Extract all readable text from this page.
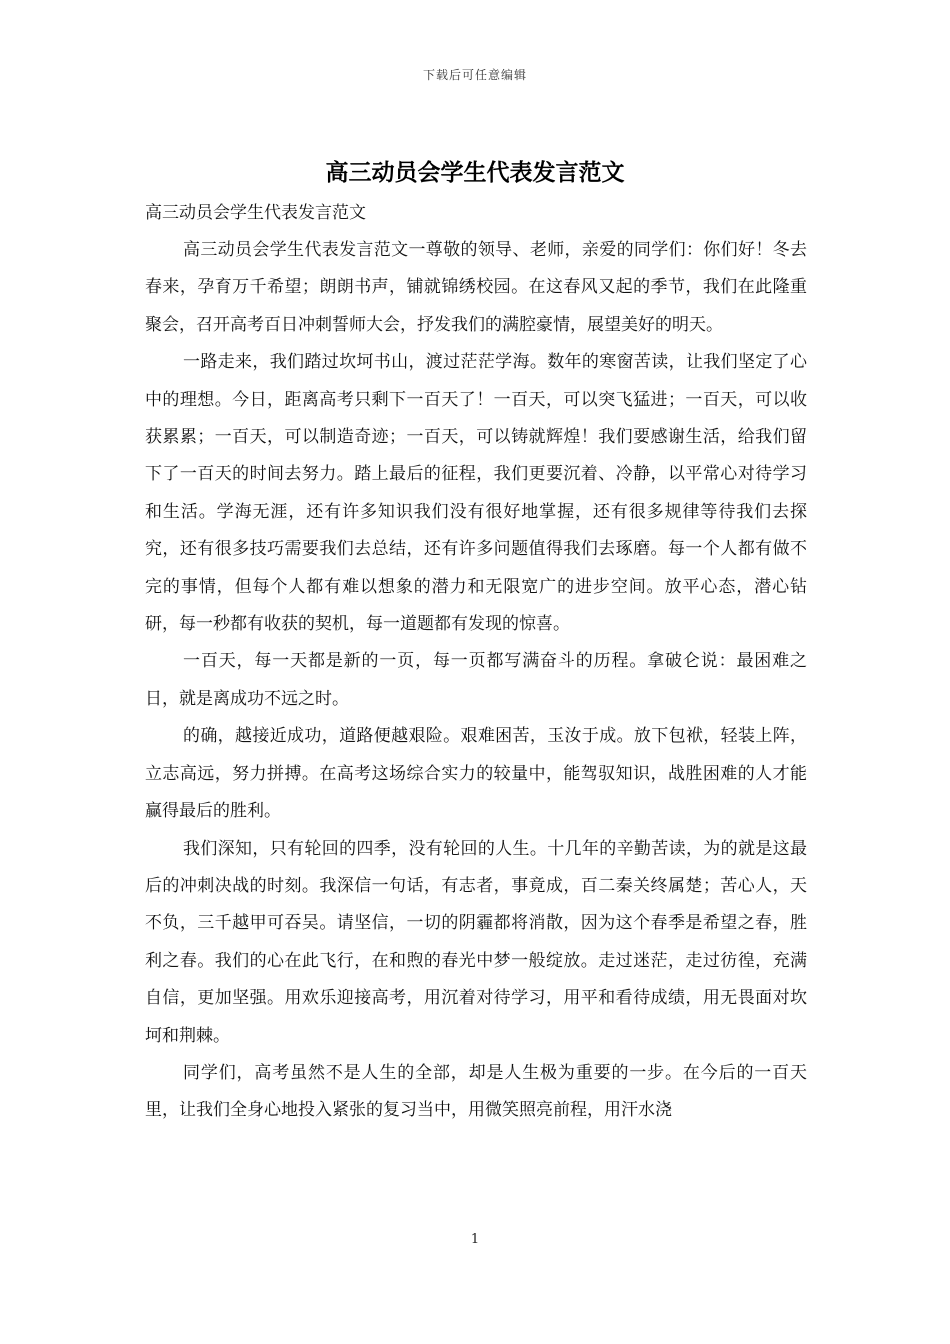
下载后可任意编辑
高三动员会学生代表发言范文

高三动员会学生代表发言范文

高三动员会学生代表发言范文一尊敬的领导、老师，亲爱的同学们：你们好！冬去春来，孕育万千希望；朗朗书声，铺就锦绣校园。在这春风又起的季节，我们在此隆重聚会，召开高考百日冲刺誓师大会，抒发我们的满腔豪情，展望美好的明天。

一路走来，我们踏过坎坷书山，渡过茫茫学海。数年的寒窗苦读，让我们坚定了心中的理想。今日，距离高考只剩下一百天了！一百天，可以突飞猛进；一百天，可以收获累累；一百天，可以制造奇迹；一百天，可以铸就辉煌！我们要感谢生活，给我们留下了一百天的时间去努力。踏上最后的征程，我们更要沉着、冷静，以平常心对待学习和生活。学海无涯，还有许多知识我们没有很好地掌握，还有很多规律等待我们去探究，还有很多技巧需要我们去总结，还有许多问题值得我们去琢磨。每一个人都有做不完的事情，但每个人都有难以想象的潜力和无限宽广的进步空间。放平心态，潜心钻研，每一秒都有收获的契机，每一道题都有发现的惊喜。

一百天，每一天都是新的一页，每一页都写满奋斗的历程。拿破仑说：最困难之日，就是离成功不远之时。

的确，越接近成功，道路便越艰险。艰难困苦，玉汝于成。放下包袱，轻装上阵，立志高远，努力拼搏。在高考这场综合实力的较量中，能驾驭知识，战胜困难的人才能赢得最后的胜利。

我们深知，只有轮回的四季，没有轮回的人生。十几年的辛勤苦读，为的就是这最后的冲刺决战的时刻。我深信一句话，有志者，事竟成，百二秦关终属楚；苦心人，天不负，三千越甲可吞吴。请坚信，一切的阴霾都将消散，因为这个春季是希望之春，胜利之春。我们的心在此飞行，在和煦的春光中梦一般绽放。走过迷茫，走过彷徨，充满自信，更加坚强。用欢乐迎接高考，用沉着对待学习，用平和看待成绩，用无畏面对坎坷和荆棘。

同学们，高考虽然不是人生的全部，却是人生极为重要的一步。在今后的一百天里，让我们全身心地投入紧张的复习当中，用微笑照亮前程，用汗水浇

1
